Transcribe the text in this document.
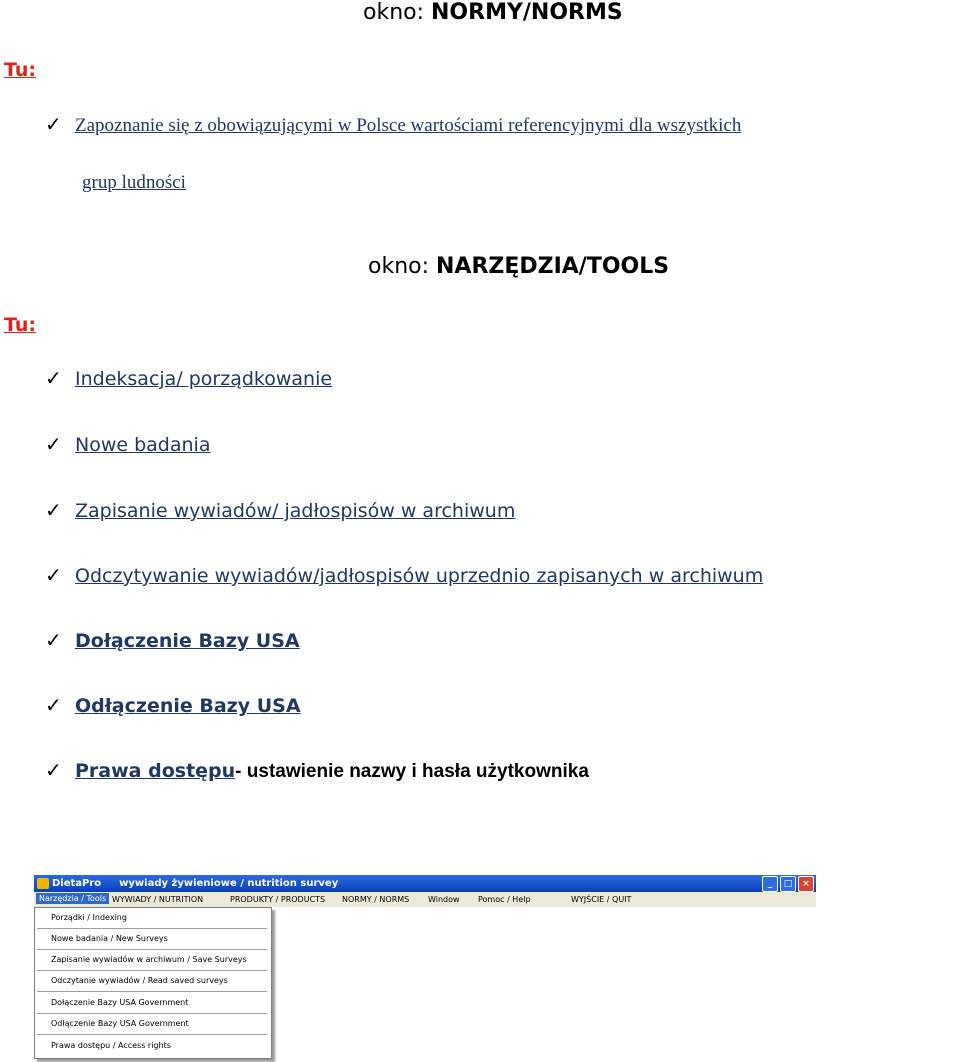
okno: NORMY/NORMS
Tu:
✓ Zapoznanie się z obowiązującymi w Polsce wartościami referencyjnymi dla wszystkich
grup ludności
okno: NARZĘDZIA/TOOLS
Tu:
✓ Indeksacja/ porządkowanie
✓ Nowe badania
✓ Zapisanie wywiadów/ jadłospisów w archiwum
✓ Odczytywanie wywiadów/jadłospisów uprzednio zapisanych w archiwum
✓ Dołączenie Bazy USA
✓ Odłączenie Bazy USA
✓ Prawa dostępu - ustawienie nazwy i hasła użytkownika
DietaPro wywiady żywieniowe / nutrition survey	_	□	×
Narzędzia / Tools WYWIADY / NUTRITION	PRODUKTY / PRODUCTS NORMY / NORMS Window Pomoc / Help	WYJŚCIE / QUIT
Porządki / Indexing
Nowe badania / New Surveys
Zapisanie wywiadów w archiwum / Save Surveys
Odczytanie wywiadów / Read saved surveys
Dołączenie Bazy USA Government
Odłączenie Bazy USA Government
Prawa dostępu / Access rights
